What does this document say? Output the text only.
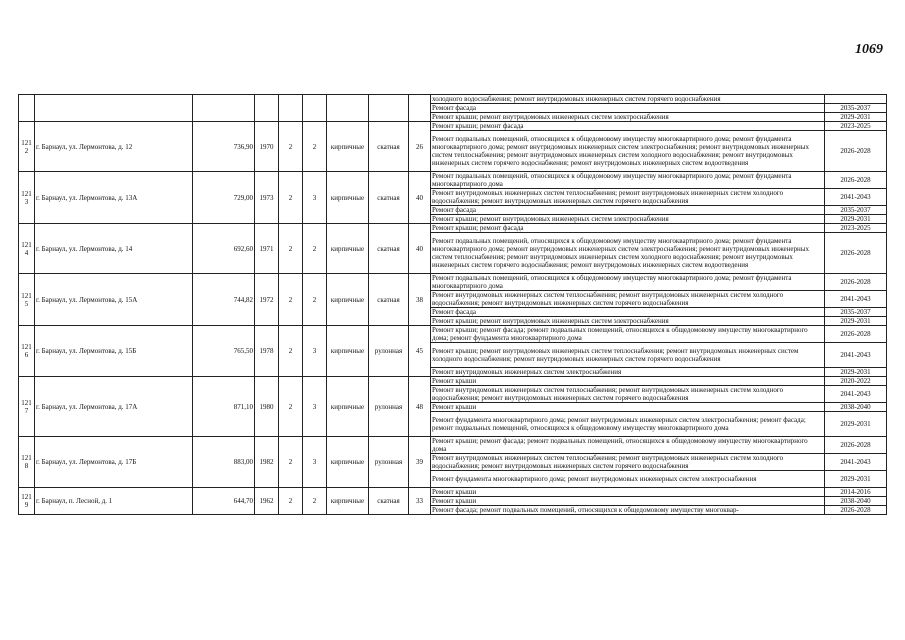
1069
									холодного водоснабжения; ремонт внутридомовых инженерных систем горячего водоснабжения	
									Ремонт фасада	2035-2037
									Ремонт крыши; ремонт внутридомовых инженерных систем электроснабжения	2029-2031
121 2	г. Барнаул, ул. Лермонтова, д. 12	736,90	1970	2	2	кирпичные	скатная	26	Ремонт крыши; ремонт фасада	2023-2025
									Ремонт подвальных помещений, относящихся к общедомовому имуществу многоквартирного дома; ремонт фундамента многоквартирного дома; ремонт внутридомовых инженерных систем электроснабжения; ремонт внутридомовых инженерных систем теплоснабжения; ремонт внутридомовых инженерных систем холодного водоснабжения; ремонт внутридомовых инженерных систем горячего водоснабжения; ремонт внутридомовых инженерных систем водоотведения	2026-2028
121 3	г. Барнаул, ул. Лермонтова, д. 13А	729,00	1973	2	3	кирпичные	скатная	40	Ремонт подвальных помещений, относящихся к общедомовому имуществу многоквартирного дома; ремонт фундамента многоквартирного дома	2026-2028
									Ремонт внутридомовых инженерных систем теплоснабжения; ремонт внутридомовых инженерных систем холодного водоснабжения; ремонт внутридомовых инженерных систем горячего водоснабжения	2041-2043
									Ремонт фасада	2035-2037
									Ремонт крыши; ремонт внутридомовых инженерных систем электроснабжения	2029-2031
121 4	г. Барнаул, ул. Лермонтова, д. 14	692,60	1971	2	2	кирпичные	скатная	40	Ремонт крыши; ремонт фасада	2023-2025
									Ремонт подвальных помещений, относящихся к общедомовому имуществу многоквартирного дома; ремонт фундамента многоквартирного дома; ремонт внутридомовых инженерных систем электроснабжения; ремонт внутридомовых инженерных систем теплоснабжения; ремонт внутридомовых инженерных систем холодного водоснабжения; ремонт внутридомовых инженерных систем горячего водоснабжения; ремонт внутридомовых инженерных систем водоотведения	2026-2028
121 5	г. Барнаул, ул. Лермонтова, д. 15А	744,82	1972	2	2	кирпичные	скатная	38	Ремонт подвальных помещений, относящихся к общедомовому имуществу многоквартирного дома; ремонт фундамента многоквартирного дома	2026-2028
									Ремонт внутридомовых инженерных систем теплоснабжения; ремонт внутридомовых инженерных систем холодного водоснабжения; ремонт внутридомовых инженерных систем горячего водоснабжения	2041-2043
									Ремонт фасада	2035-2037
									Ремонт крыши; ремонт внутридомовых инженерных систем электроснабжения	2029-2031
121 6	г. Барнаул, ул. Лермонтова, д. 15Б	765,50	1978	2	3	кирпичные	рулонная	45	Ремонт крыши; ремонт фасада; ремонт подвальных помещений, относящихся к общедомовому имуществу многоквартирного дома; ремонт фундамента многоквартирного дома	2026-2028
									Ремонт крыши; ремонт внутридомовых инженерных систем теплоснабжения; ремонт внутридомовых инженерных систем холодного водоснабжения; ремонт внутридомовых инженерных систем горячего водоснабжения	2041-2043
									Ремонт внутридомовых инженерных систем электроснабжения	2029-2031
121 7	г. Барнаул, ул. Лермонтова, д. 17А	871,10	1980	2	3	кирпичные	рулонная	48	Ремонт крыши	2020-2022
									Ремонт внутридомовых инженерных систем теплоснабжения; ремонт внутридомовых инженерных систем холодного водоснабжения; ремонт внутридомовых инженерных систем горячего водоснабжения	2041-2043
									Ремонт крыши	2038-2040
									Ремонт фундамента многоквартирного дома; ремонт внутридомовых инженерных систем электроснабжения; ремонт фасада; ремонт подвальных помещений, относящихся к общедомовому имуществу многоквартирного дома	2029-2031
121 8	г. Барнаул, ул. Лермонтова, д. 17Б	883,00	1982	2	3	кирпичные	рулонная	39	Ремонт крыши; ремонт фасада; ремонт подвальных помещений, относящихся к общедомовому имуществу многоквартирного дома	2026-2028
									Ремонт внутридомовых инженерных систем теплоснабжения; ремонт внутридомовых инженерных систем холодного водоснабжения; ремонт внутридомовых инженерных систем горячего водоснабжения	2041-2043
									Ремонт фундамента многоквартирного дома; ремонт внутридомовых инженерных систем электроснабжения	2029-2031
121 9	г. Барнаул, п. Лесной, д. 1	644,70	1962	2	2	кирпичные	скатная	33	Ремонт крыши	2014-2016
									Ремонт крыши	2038-2040
									Ремонт фасада; ремонт подвальных помещений, относящихся к общедомовому имуществу многоквар-	2026-2028
